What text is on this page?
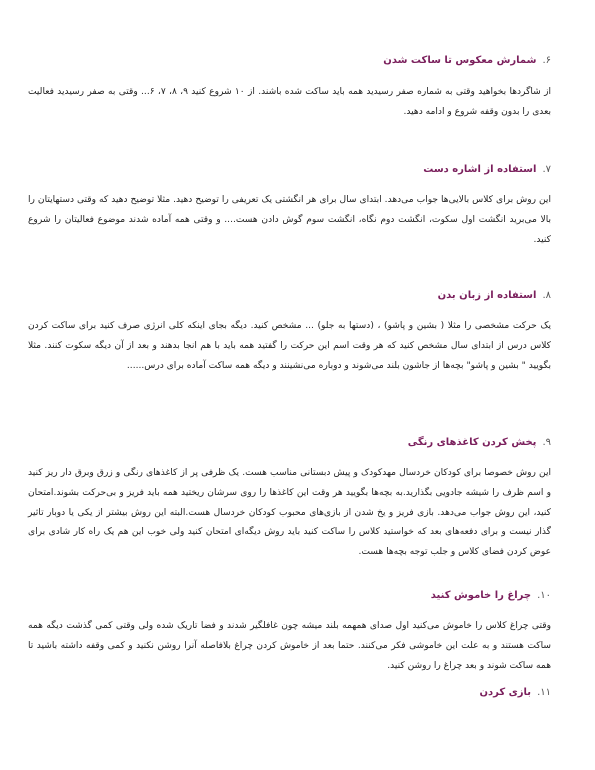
۶.شمارش معکوس تا ساکت شدن
از شاگردها بخواهید وقتی به شماره صفر رسیدید همه باید ساکت شده باشند. از ۱۰ شروع کنید ۹، ۸، ۷، ۶... وقتی به صفر رسیدید فعالیت بعدی را بدون وقفه شروع و ادامه دهید.
۷.استفاده از اشاره دست
این روش برای کلاس بالایی‌ها جواب می‌دهد. ابتدای سال برای هر انگشتی یک تعریفی را توضیح دهید. مثلا توضیح دهید که وقتی دستهایتان را بالا می‌برید انگشت اول سکوت، انگشت دوم نگاه، انگشت سوم گوش دادن هست.... و وقتی همه آماده شدند موضوع فعالیتان را شروع کنید.
۸.استفاده از زبان بدن
یک حرکت مشخصی را مثلا ( بشین و پاشو) ، (دستها به جلو) ... مشخص کنید. دیگه بجای اینکه کلی انرژی صرف کنید برای ساکت کردن کلاس درس از ابتدای سال مشخص کنید که هر وقت اسم این حرکت را گفتید همه باید با هم انجا بدهند و بعد از آن دیگه سکوت کنند. مثلا بگویید " بشین و پاشو" بچه‌ها از جاشون بلند می‌شوند و دوباره می‌نشینند و دیگه همه ساکت آماده برای درس......
۹.پخش کردن کاغذهای رنگی
این روش خصوصا برای کودکان خردسال مهدکودک و پیش دبستانی مناسب هست. یک ظرفی پر از کاغذهای رنگی و زرق وبرق دار ریز کنید و اسم ظرف را شیشه جادویی بگذارید.به بچه‌ها بگویید هر وقت این کاغذها را روی سرشان ریختید همه باید فریز و بی‌حرکت بشوند.امتحان کنید، این روش جواب می‌دهد. بازی فریز و یخ شدن از بازی‌های محبوب کودکان خردسال هست.البته این روش بیشتر از یکی یا دوبار تاثیر گذار نیست و برای دفعه‌های بعد که خواستید کلاس را ساکت کنید باید روش دیگه‌ای امتحان کنید ولی خوب این هم یک راه کار شادی برای عوض کردن فضای کلاس و جلب توجه بچه‌ها هست.
۱۰.چراغ را خاموش کنید
وقتی چراغ کلاس را خاموش می‌کنید اول صدای همهمه بلند میشه چون غافلگیر شدند و فضا تاریک شده ولی وقتی کمی گذشت دیگه همه ساکت هستند و به علت این خاموشی فکر می‌کنند. حتما بعد از خاموش کردن چراغ بلافاصله آنرا روشن نکنید و کمی وقفه داشته باشید تا همه ساکت شوند و بعد چراغ را روشن کنید.
۱۱.بازی کردن
